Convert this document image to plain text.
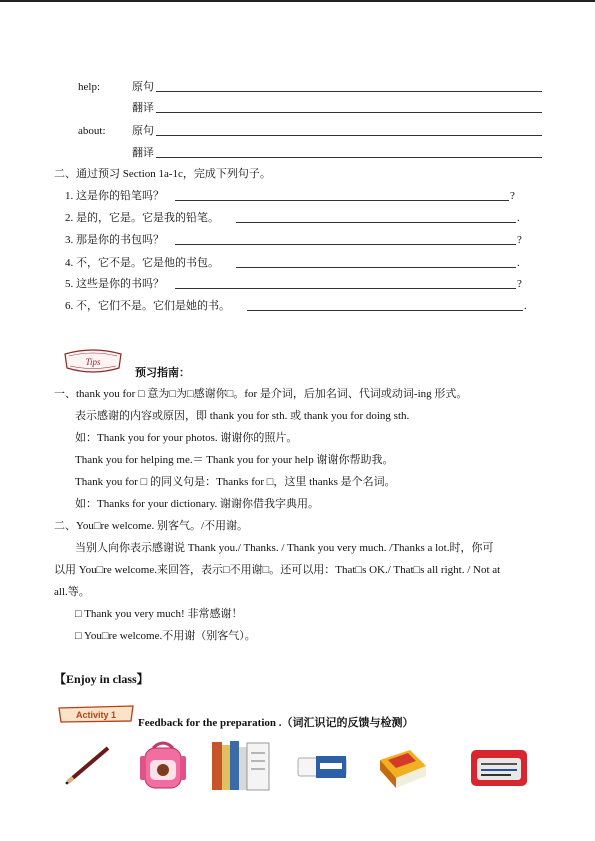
help:	原句
翻译
about: 原句
翻译
二、通过预习 Section 1a-1c，完成下列句子。
1. 这是你的铅笔吗？	?
2. 是的，它是。它是我的铅笔。	.
3. 那是你的书包吗？	?
4. 不，它不是。它是他的书包。	.
5. 这些是你的书吗？	?
6. 不，它们不是。它们是她的书。	.
Tips
预习指南：
一、thank you for □ 意为□为□感谢你□。for 是介词，后加名词、代词或动词-ing 形式。
表示感谢的内容或原因，即 thank you for sth. 或 thank you for doing sth.
如：Thank you for your photos. 谢谢你的照片。
Thank you for helping me.＝ Thank you for your help 谢谢你帮助我。
Thank you for □ 的同义句是：Thanks for □，这里 thanks 是个名词。
如：Thanks for your dictionary. 谢谢你借我字典用。
二、You□re welcome. 别客气。/不用谢。
当别人向你表示感谢说 Thank you./ Thanks. / Thank you very much. /Thanks a lot.时，你可
以用 You□re welcome.来回答，表示□不用谢□。还可以用：That□s OK./ That□s all right. / Not at
all.等。
□ Thank you very much! 非常感谢！
□ You□re welcome.不用谢（别客气）。
【Enjoy in class】
Activity 1
Feedback for the preparation .（词汇识记的反馈与检测）
